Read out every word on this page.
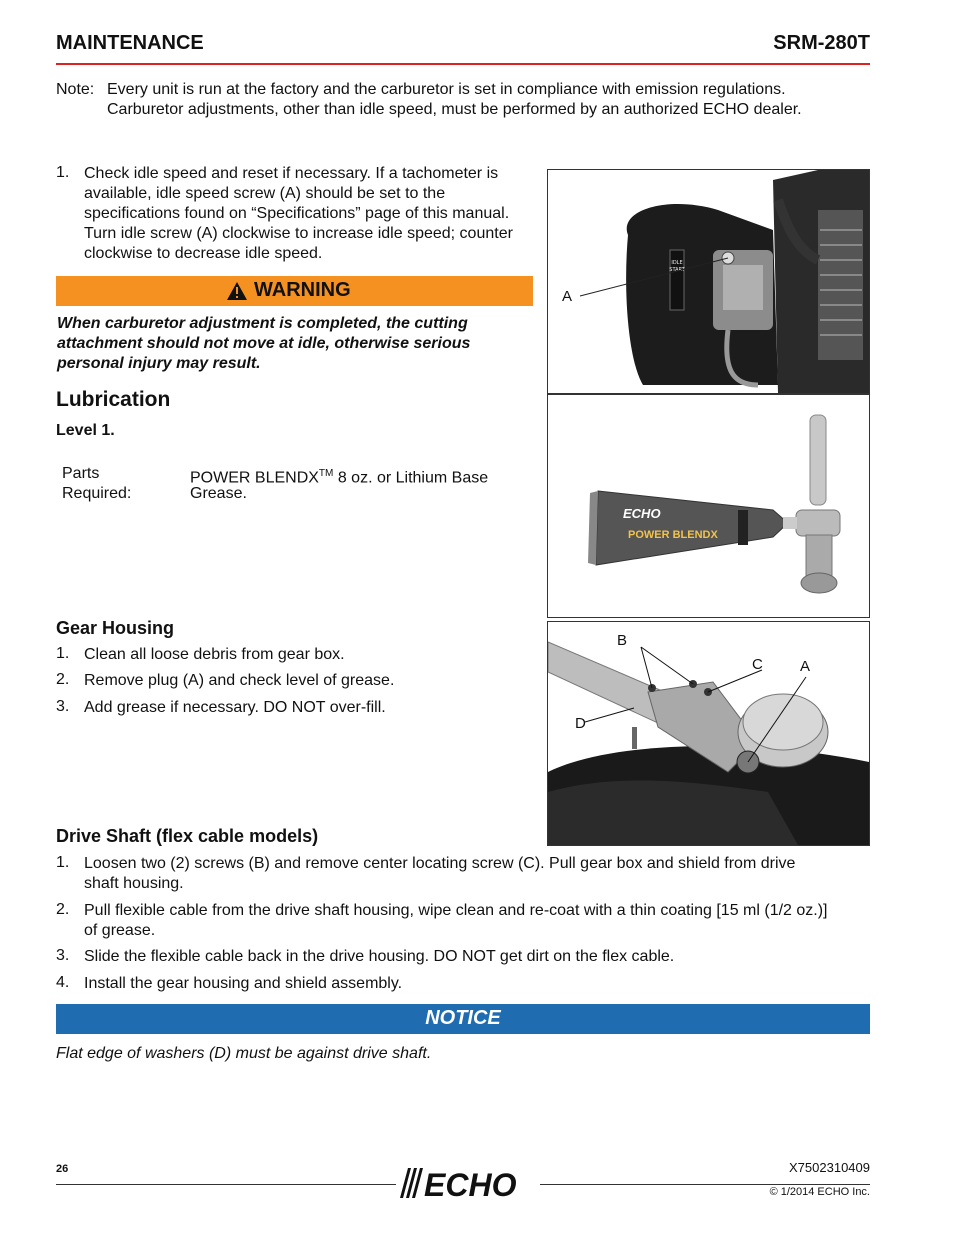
MAINTENANCE	SRM-280T
Note: Every unit is run at the factory and the carburetor is set in compliance with emission regulations.
Carburetor adjustments, other than idle speed, must be performed by an authorized ECHO dealer.
1. Check idle speed and reset if necessary. If a tachometer is
available, idle speed screw (A) should be set to the
specifications found on “Specifications” page of this manual.
Turn idle screw (A) clockwise to increase idle speed; counter
clockwise to decrease idle speed.
WARNING
When carburetor adjustment is completed, the cutting
attachment should not move at idle, otherwise serious
personal injury may result.
Lubrication
Level 1.
Parts
Required:
POWER BLENDX™ 8 oz. or Lithium Base
Grease.
Gear Housing
1. Clean all loose debris from gear box.
2. Remove plug (A) and check level of grease.
3. Add grease if necessary. DO NOT over-fill.
Drive Shaft (flex cable models)
1. Loosen two (2) screws (B) and remove center locating screw (C). Pull gear box and shield from drive
shaft housing.
2. Pull flexible cable from the drive shaft housing, wipe clean and re-coat with a thin coating [15 ml (1/2 oz.)]
of grease.
3. Slide the flexible cable back in the drive housing. DO NOT get dirt on the flex cable.
4. Install the gear housing and shield assembly.
NOTICE
Flat edge of washers (D) must be against drive shaft.
IDLE
START
A
ECHO
POWER BLENDX
B
C A
D
26	ECHO	X7502310409
© 1/2014 ECHO Inc.
